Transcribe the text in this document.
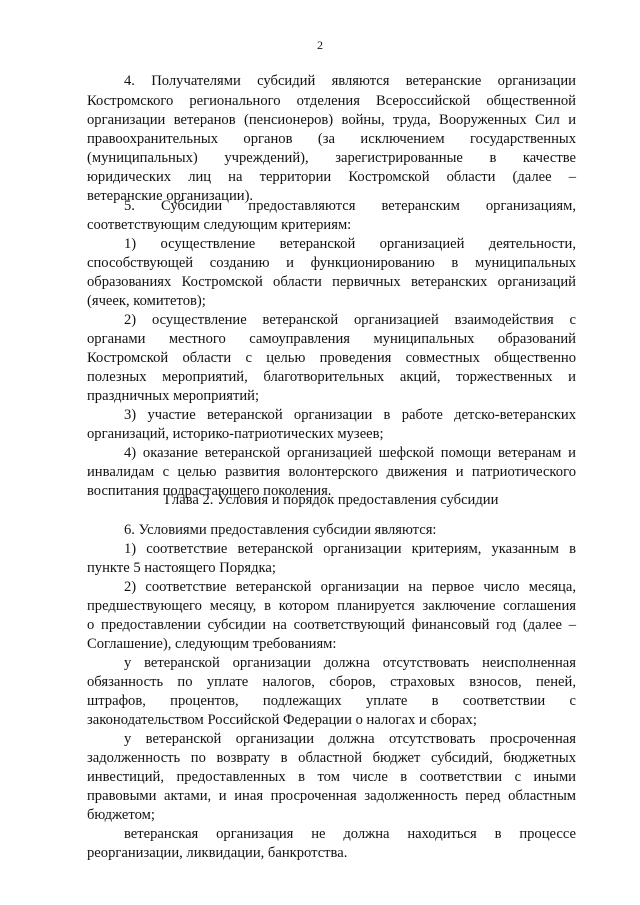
2
4. Получателями субсидий являются ветеранские организации
Костромского регионального отделения Всероссийской общественной
организации ветеранов (пенсионеров) войны, труда, Вооруженных Сил и
правоохранительных органов (за исключением государственных
(муниципальных) учреждений), зарегистрированные в качестве
юридических лиц на территории Костромской области (далее –
ветеранские организации).
5. Субсидии предоставляются ветеранским организациям,
соответствующим следующим критериям:
1) осуществление ветеранской организацией деятельности,
способствующей созданию и функционированию в муниципальных
образованиях Костромской области первичных ветеранских организаций
(ячеек, комитетов);
2) осуществление ветеранской организацией взаимодействия с
органами местного самоуправления муниципальных образований
Костромской области с целью проведения совместных общественно
полезных мероприятий, благотворительных акций, торжественных и
праздничных мероприятий;
3) участие ветеранской организации в работе детско-ветеранских
организаций, историко-патриотических музеев;
4) оказание ветеранской организацией шефской помощи ветеранам и
инвалидам с целью развития волонтерского движения и патриотического
воспитания подрастающего поколения.
Глава 2. Условия и порядок предоставления субсидии
6. Условиями предоставления субсидии являются:
1) соответствие ветеранской организации критериям, указанным в
пункте 5 настоящего Порядка;
2) соответствие ветеранской организации на первое число месяца,
предшествующего месяцу, в котором планируется заключение соглашения
о предоставлении субсидии на соответствующий финансовый год (далее –
Соглашение), следующим требованиям:
у ветеранской организации должна отсутствовать неисполненная
обязанность по уплате налогов, сборов, страховых взносов, пеней,
штрафов, процентов, подлежащих уплате в соответствии с
законодательством Российской Федерации о налогах и сборах;
у ветеранской организации должна отсутствовать просроченная
задолженность по возврату в областной бюджет субсидий, бюджетных
инвестиций, предоставленных в том числе в соответствии с иными
правовыми актами, и иная просроченная задолженность перед областным
бюджетом;
ветеранская организация не должна находиться в процессе
реорганизации, ликвидации, банкротства.
